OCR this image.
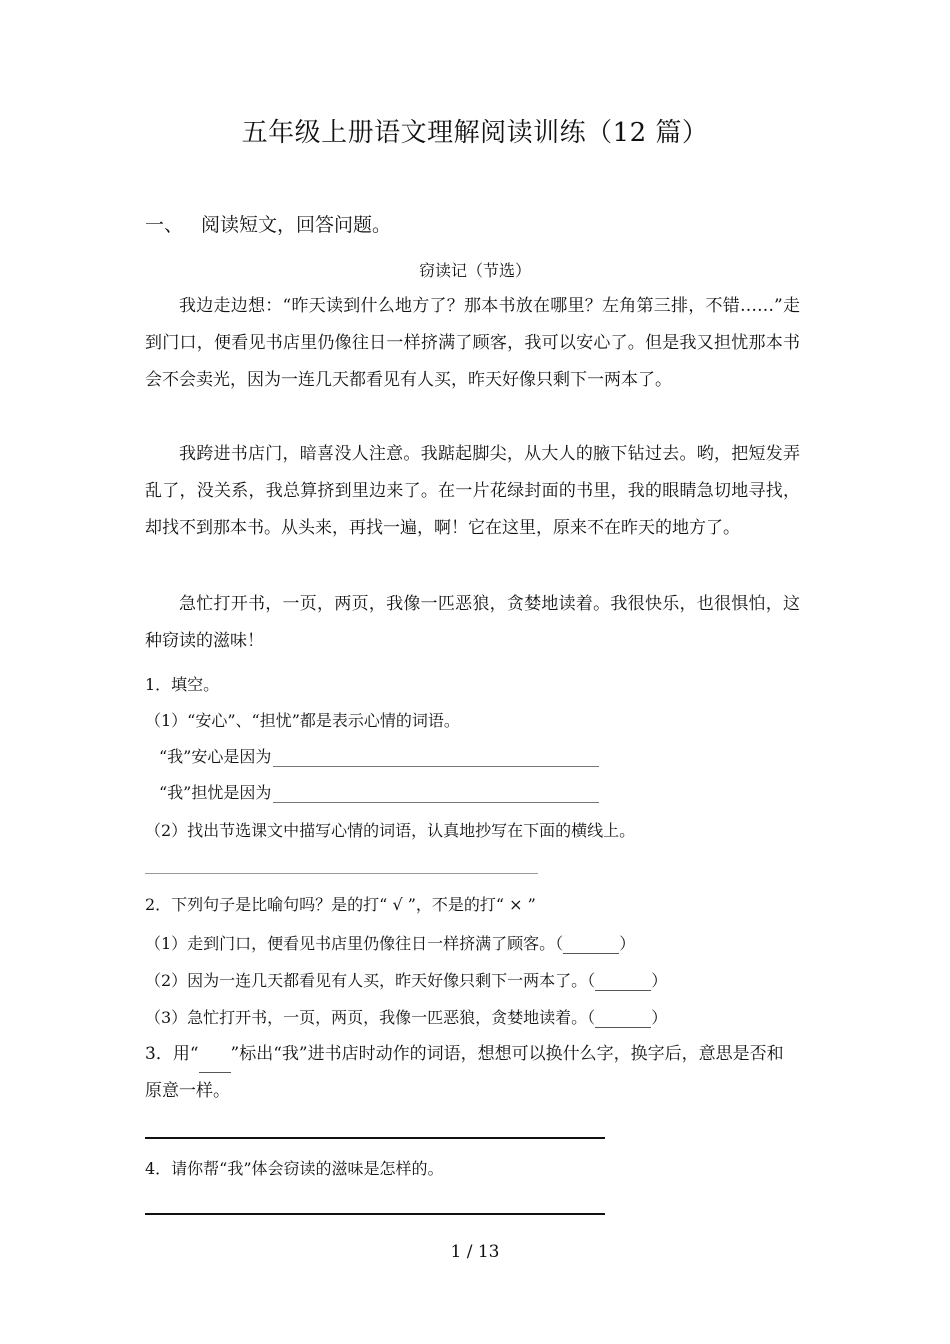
五年级上册语文理解阅读训练（12 篇）
一、 阅读短文，回答问题。
窃读记（节选）

我边走边想：“昨天读到什么地方了？那本书放在哪里？左角第三排，不错……”走到门口，便看见书店里仍像往日一样挤满了顾客，我可以安心了。但是我又担忧那本书会不会卖光，因为一连几天都看见有人买，昨天好像只剩下一两本了。

我跨进书店门，暗喜没人注意。我踮起脚尖，从大人的腋下钻过去。哟，把短发弄乱了，没关系，我总算挤到里边来了。在一片花绿封面的书里，我的眼睛急切地寻找，却找不到那本书。从头来，再找一遍，啊！它在这里，原来不在昨天的地方了。

急忙打开书，一页，两页，我像一匹恶狼，贪婪地读着。我很快乐，也很惧怕，这种窃读的滋味！

1．填空。
（1）“安心”、“担忧”都是表示心情的词语。
“我”安心是因为
“我”担忧是因为
（2）找出节选课文中描写心情的词语，认真地抄写在下面的横线上。
2．下列句子是比喻句吗？是的打“ √ ”，不是的打“ × ”
（1）走到门口，便看见书店里仍像往日一样挤满了顾客。（	）
（2）因为一连几天都看见有人买，昨天好像只剩下一两本了。（	）
（3）急忙打开书，一页，两页，我像一匹恶狼，贪婪地读着。（	）

3．用“ ”标出“我”进书店时动作的词语，想想可以换什么字，换字后，意思是否和原意一样。

4．请你帮“我”体会窃读的滋味是怎样的。
1 / 13
